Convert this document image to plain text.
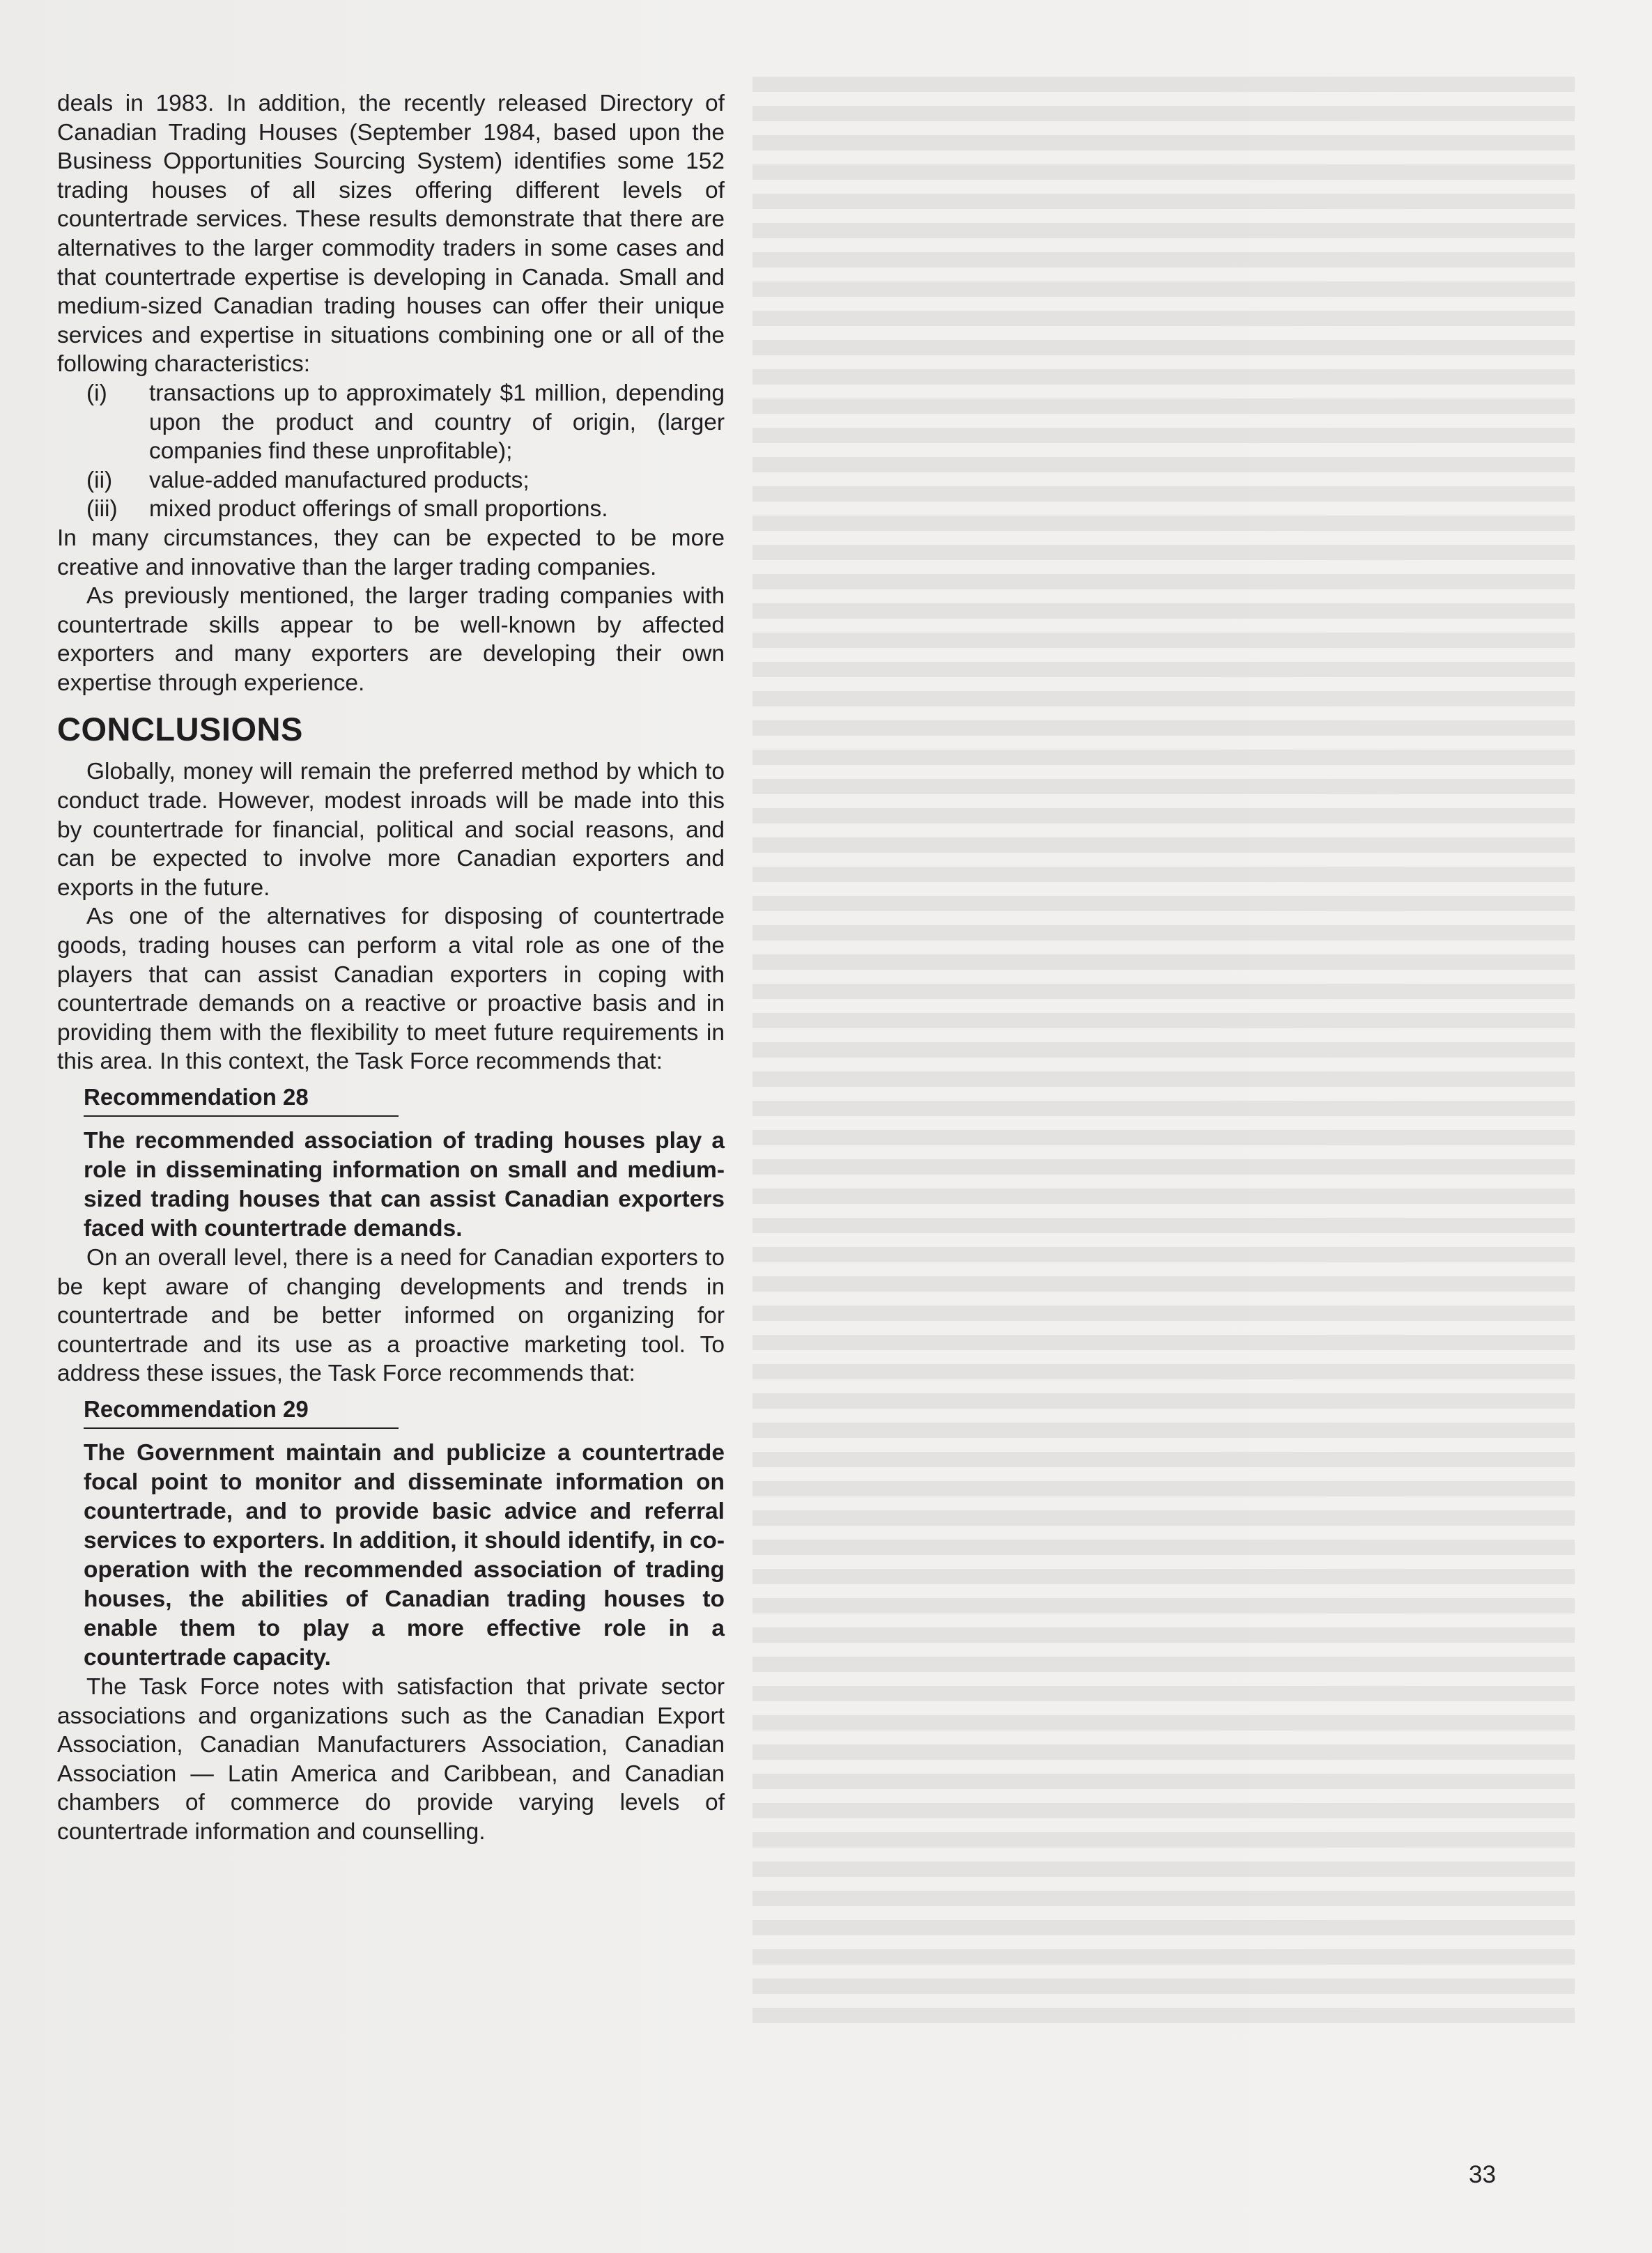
deals in 1983. In addition, the recently released Directory of Canadian Trading Houses (September 1984, based upon the Business Opportunities Sourcing System) identifies some 152 trading houses of all sizes offering different levels of countertrade services. These results demonstrate that there are alternatives to the larger commodity traders in some cases and that countertrade expertise is developing in Canada. Small and medium-sized Canadian trading houses can offer their unique services and expertise in situations combining one or all of the following characteristics:

(i)	transactions up to approximately $1 million, depending upon the product and country of origin, (larger companies find these unprofitable);
(ii)	value-added manufactured products;
(iii)	mixed product offerings of small proportions.

In many circumstances, they can be expected to be more creative and innovative than the larger trading companies.

As previously mentioned, the larger trading companies with countertrade skills appear to be well-known by affected exporters and many exporters are developing their own expertise through experience.

CONCLUSIONS

Globally, money will remain the preferred method by which to conduct trade. However, modest inroads will be made into this by countertrade for financial, political and social reasons, and can be expected to involve more Canadian exporters and exports in the future.

As one of the alternatives for disposing of countertrade goods, trading houses can perform a vital role as one of the players that can assist Canadian exporters in coping with countertrade demands on a reactive or proactive basis and in providing them with the flexibility to meet future requirements in this area. In this context, the Task Force recommends that:

Recommendation 28

The recommended association of trading houses play a role in disseminating information on small and medium-sized trading houses that can assist Canadian exporters faced with countertrade demands.

On an overall level, there is a need for Canadian exporters to be kept aware of changing developments and trends in countertrade and be better informed on organizing for countertrade and its use as a proactive marketing tool. To address these issues, the Task Force recommends that:

Recommendation 29

The Government maintain and publicize a countertrade focal point to monitor and disseminate information on countertrade, and to provide basic advice and referral services to exporters. In addition, it should identify, in co-operation with the recommended association of trading houses, the abilities of Canadian trading houses to enable them to play a more effective role in a countertrade capacity.

The Task Force notes with satisfaction that private sector associations and organizations such as the Canadian Export Association, Canadian Manufacturers Association, Canadian Association — Latin America and Caribbean, and Canadian chambers of commerce do provide varying levels of countertrade information and counselling.

33
